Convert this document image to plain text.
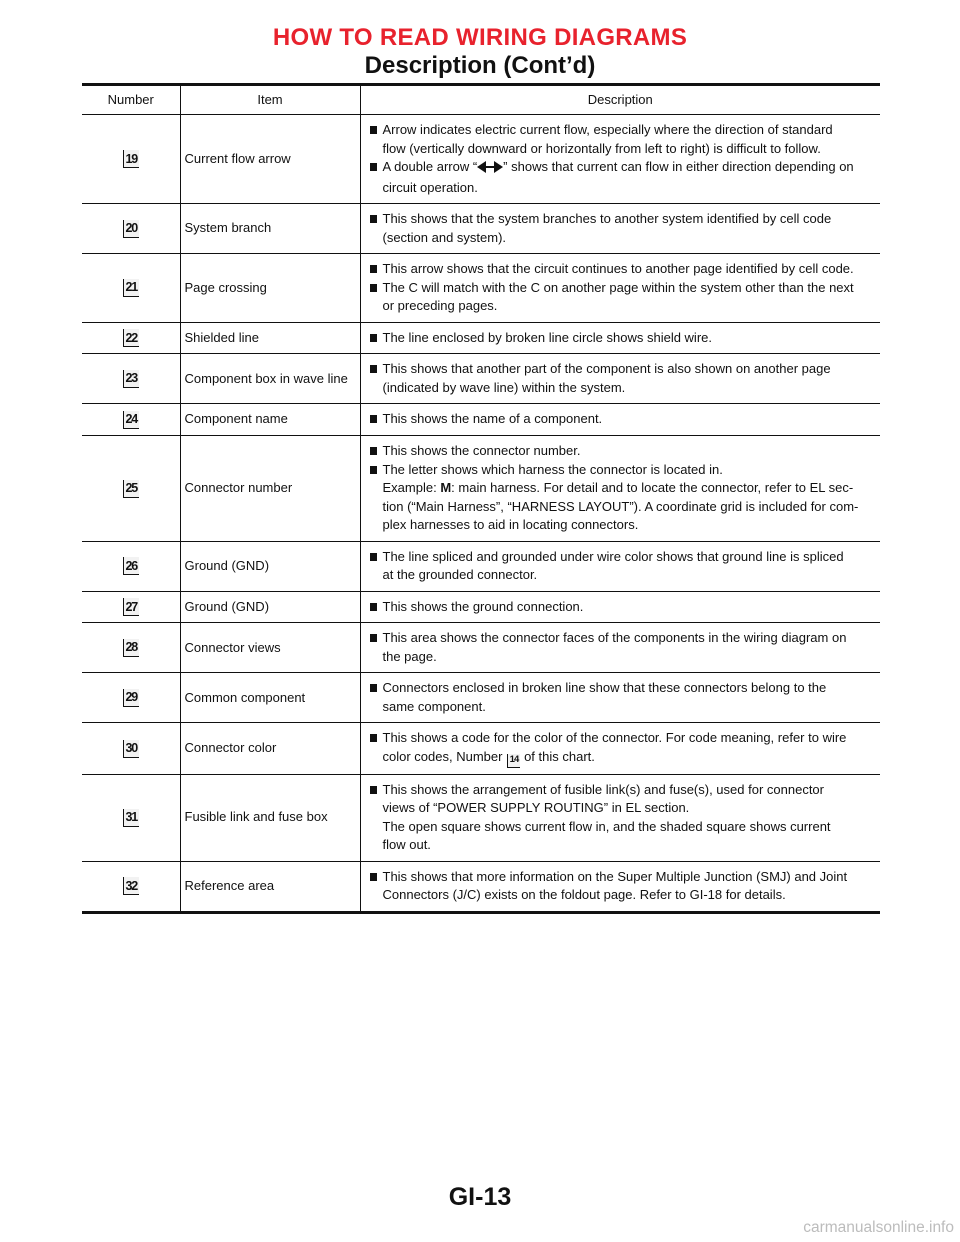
HOW TO READ WIRING DIAGRAMS
Description (Cont’d)
Number	Item	Description
19	Current flow arrow	Arrow indicates electric current flow, especially where the direction of standard
flow (vertically downward or horizontally from left to right) is difficult to follow.
A double arrow “ ” shows that current can flow in either direction depending on
circuit operation.

20	System branch	This shows that the system branches to another system identified by cell code
(section and system).

21	Page crossing	This arrow shows that the circuit continues to another page identified by cell code.
The C will match with the C on another page within the system other than the next
or preceding pages.

22	Shielded line	The line enclosed by broken line circle shows shield wire.

23	Component box in wave line	This shows that another part of the component is also shown on another page
(indicated by wave line) within the system.

24	Component name	This shows the name of a component.

25	Connector number	This shows the connector number.
The letter shows which harness the connector is located in.
Example: M: main harness. For detail and to locate the connector, refer to EL sec-
tion (“Main Harness”, “HARNESS LAYOUT”). A coordinate grid is included for com-
plex harnesses to aid in locating connectors.

26	Ground (GND)	The line spliced and grounded under wire color shows that ground line is spliced
at the grounded connector.

27	Ground (GND)	This shows the ground connection.

28	Connector views	This area shows the connector faces of the components in the wiring diagram on
the page.

29	Common component	Connectors enclosed in broken line show that these connectors belong to the
same component.

30	Connector color	This shows a code for the color of the connector. For code meaning, refer to wire
color codes, Number 14 of this chart.

31	Fusible link and fuse box	This shows the arrangement of fusible link(s) and fuse(s), used for connector
views of “POWER SUPPLY ROUTING” in EL section.
The open square shows current flow in, and the shaded square shows current
flow out.

32	Reference area	This shows that more information on the Super Multiple Junction (SMJ) and Joint
Connectors (J/C) exists on the foldout page. Refer to GI-18 for details.
GI-13
carmanualsonline.info
